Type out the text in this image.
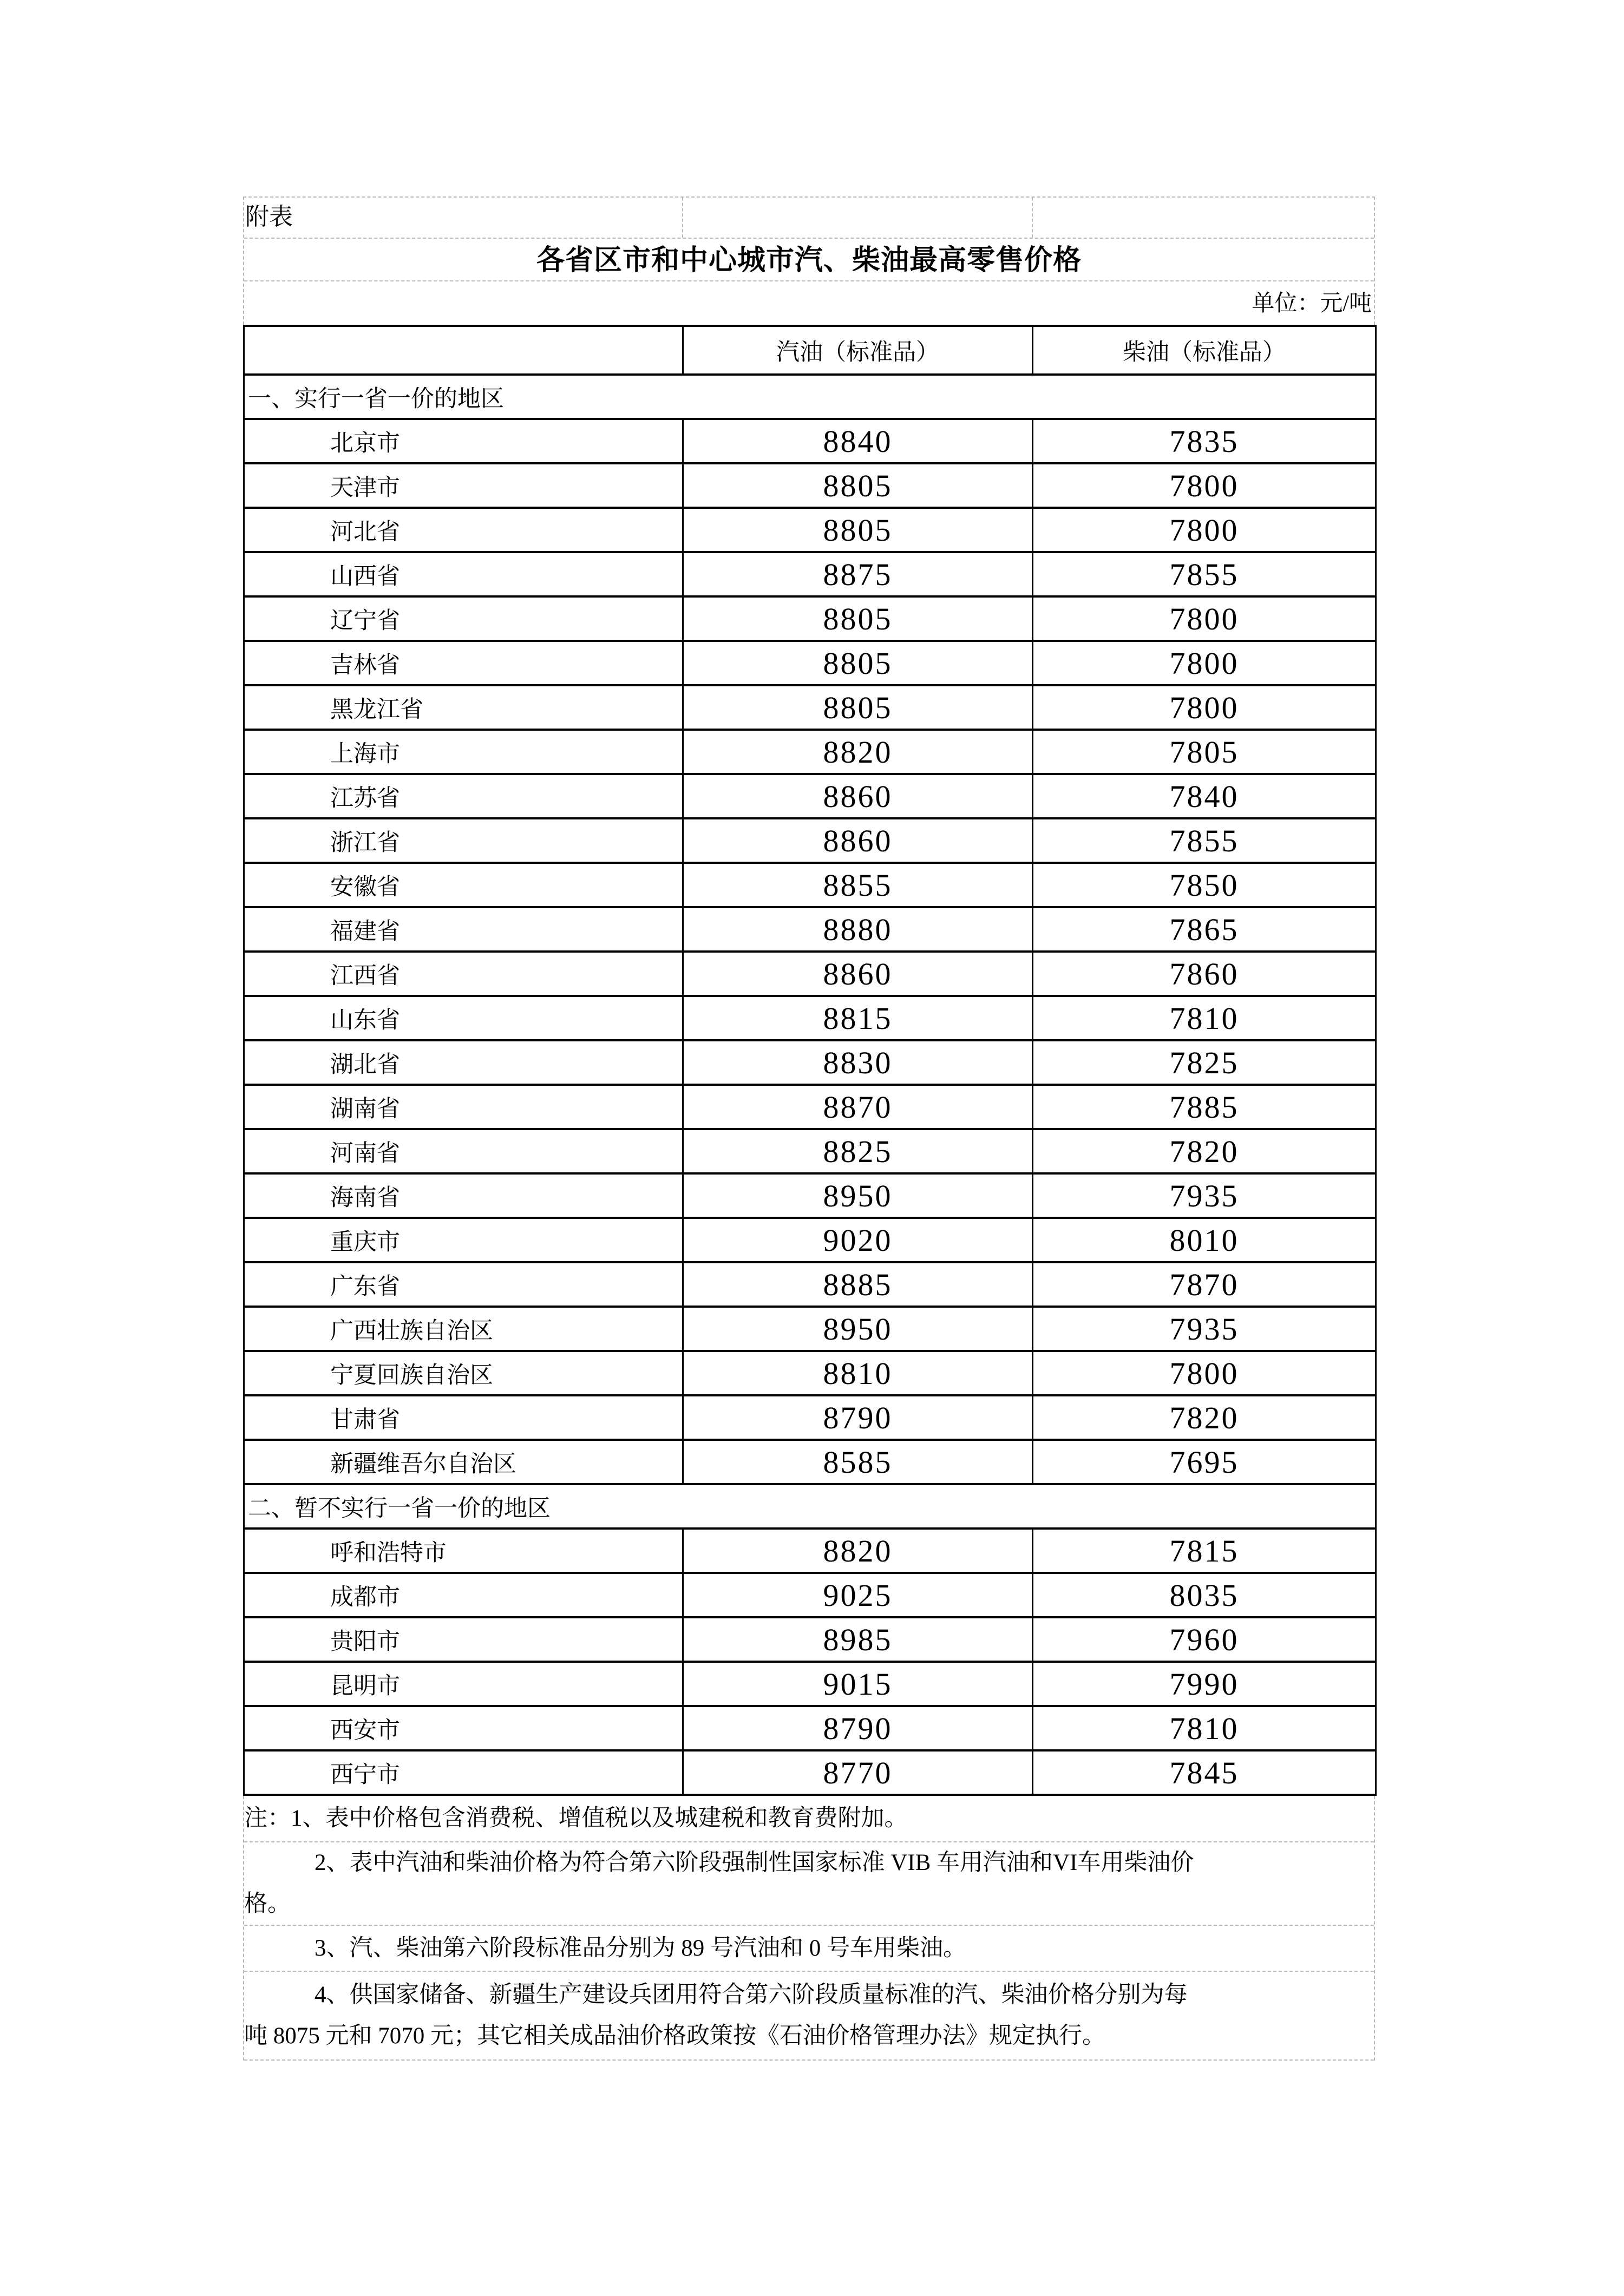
附表
各省区市和中心城市汽、柴油最高零售价格
单位：元/吨
	汽油（标准品）	柴油（标准品）
一、实行一省一价的地区		
北京市	8840	7835
天津市	8805	7800
河北省	8805	7800
山西省	8875	7855
辽宁省	8805	7800
吉林省	8805	7800
黑龙江省	8805	7800
上海市	8820	7805
江苏省	8860	7840
浙江省	8860	7855
安徽省	8855	7850
福建省	8880	7865
江西省	8860	7860
山东省	8815	7810
湖北省	8830	7825
湖南省	8870	7885
河南省	8825	7820
海南省	8950	7935
重庆市	9020	8010
广东省	8885	7870
广西壮族自治区	8950	7935
宁夏回族自治区	8810	7800
甘肃省	8790	7820
新疆维吾尔自治区	8585	7695
二、暂不实行一省一价的地区		
呼和浩特市	8820	7815
成都市	9025	8035
贵阳市	8985	7960
昆明市	9015	7990
西安市	8790	7810
西宁市	8770	7845
注：1、表中价格包含消费税、增值税以及城建税和教育费附加。
2、表中汽油和柴油价格为符合第六阶段强制性国家标准 VIB 车用汽油和VI车用柴油价
格。
3、汽、柴油第六阶段标准品分别为 89 号汽油和 0 号车用柴油。
4、供国家储备、新疆生产建设兵团用符合第六阶段质量标准的汽、柴油价格分别为每
吨 8075 元和 7070 元；其它相关成品油价格政策按《石油价格管理办法》规定执行。
